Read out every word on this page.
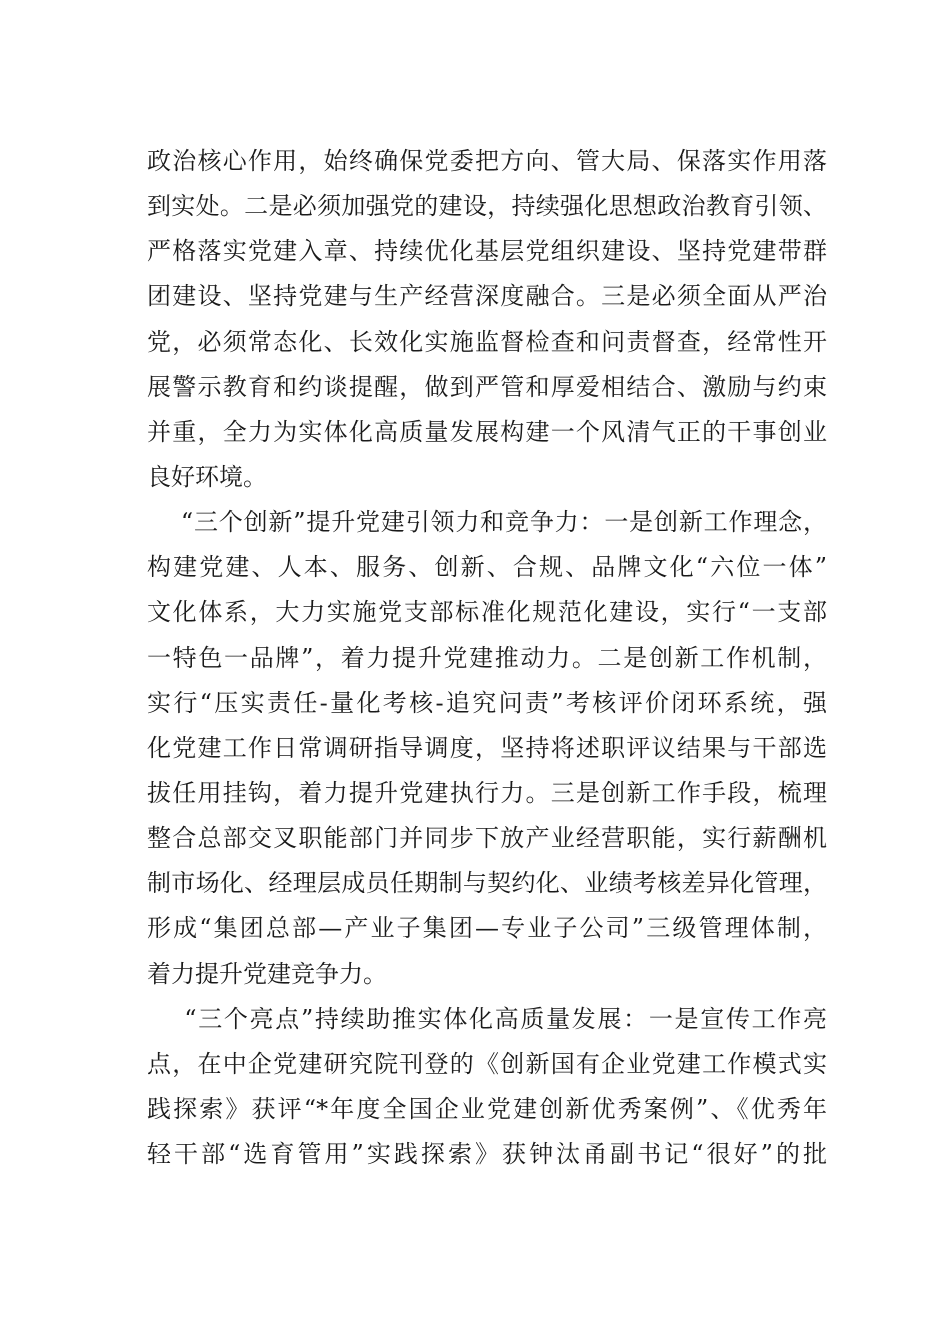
政治核心作用，始终确保党委把方向、管大局、保落实作用落
到实处。二是必须加强党的建设，持续强化思想政治教育引领、
严格落实党建入章、持续优化基层党组织建设、坚持党建带群
团建设、坚持党建与生产经营深度融合。三是必须全面从严治
党，必须常态化、长效化实施监督检查和问责督查，经常性开
展警示教育和约谈提醒，做到严管和厚爱相结合、激励与约束
并重，全力为实体化高质量发展构建一个风清气正的干事创业
良好环境。
“三个创新”提升党建引领力和竞争力：一是创新工作理念，
构建党建、人本、服务、创新、合规、品牌文化“六位一体”
文化体系，大力实施党支部标准化规范化建设，实行“一支部
一特色一品牌”，着力提升党建推动力。二是创新工作机制，
实行“压实责任-量化考核-追究问责”考核评价闭环系统，强
化党建工作日常调研指导调度，坚持将述职评议结果与干部选
拔任用挂钩，着力提升党建执行力。三是创新工作手段，梳理
整合总部交叉职能部门并同步下放产业经营职能，实行薪酬机
制市场化、经理层成员任期制与契约化、业绩考核差异化管理，
形成“集团总部—产业子集团—专业子公司”三级管理体制，
着力提升党建竞争力。
“三个亮点”持续助推实体化高质量发展：一是宣传工作亮
点，在中企党建研究院刊登的《创新国有企业党建工作模式实
践探索》获评“*年度全国企业党建创新优秀案例”、《优秀年
轻干部“选育管用”实践探索》获钟汰甬副书记“很好”的批
